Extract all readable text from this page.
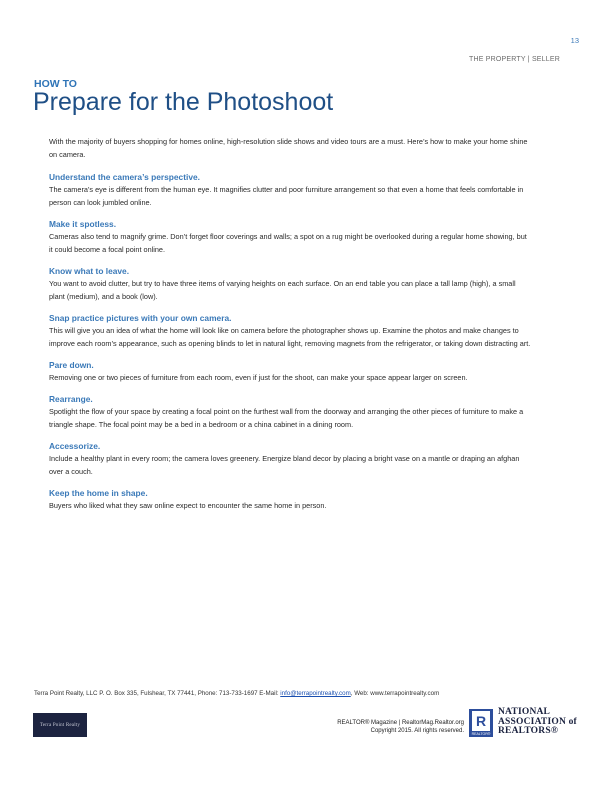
13
THE PROPERTY | SELLER
HOW TO
Prepare for the Photoshoot

With the majority of buyers shopping for homes online, high-resolution slide shows and video tours are a must. Here’s how to make your home shine on camera.

Understand the camera’s perspective.

The camera’s eye is different from the human eye. It magnifies clutter and poor furniture arrangement so that even a home that feels comfortable in person can look jumbled online.

Make it spotless.

Cameras also tend to magnify grime. Don’t forget floor coverings and walls; a spot on a rug might be overlooked during a regular home showing, but it could become a focal point online.

Know what to leave.

You want to avoid clutter, but try to have three items of varying heights on each surface. On an end table you can place a tall lamp (high), a small plant (medium), and a book (low).

Snap practice pictures with your own camera.

This will give you an idea of what the home will look like on camera before the photographer shows up. Examine the photos and make changes to improve each room’s appearance, such as opening blinds to let in natural light, removing magnets from the refrigerator, or taking down distracting art.

Pare down.

Removing one or two pieces of furniture from each room, even if just for the shoot, can make your space appear larger on screen.

Rearrange.

Spotlight the flow of your space by creating a focal point on the furthest wall from the doorway and arranging the other pieces of furniture to make a triangle shape. The focal point may be a bed in a bedroom or a china cabinet in a dining room.

Accessorize.

Include a healthy plant in every room; the camera loves greenery. Energize bland decor by placing a bright vase on a mantle or draping an afghan over a couch.

Keep the home in shape.

Buyers who liked what they saw online expect to encounter the same home in person.

Terra Point Realty, LLC P. O. Box 335, Fulshear, TX 77441, Phone: 713-733-1697 E-Mail: info@terrapointrealty.com, Web: www.terrapointrealty.com
Terra Point Realty	REALTOR® Magazine | RealtorMag.Realtor.org
Copyright 2015. All rights reserved.
R
REALTOR®
NATIONAL
ASSOCIATION of
REALTORS®
